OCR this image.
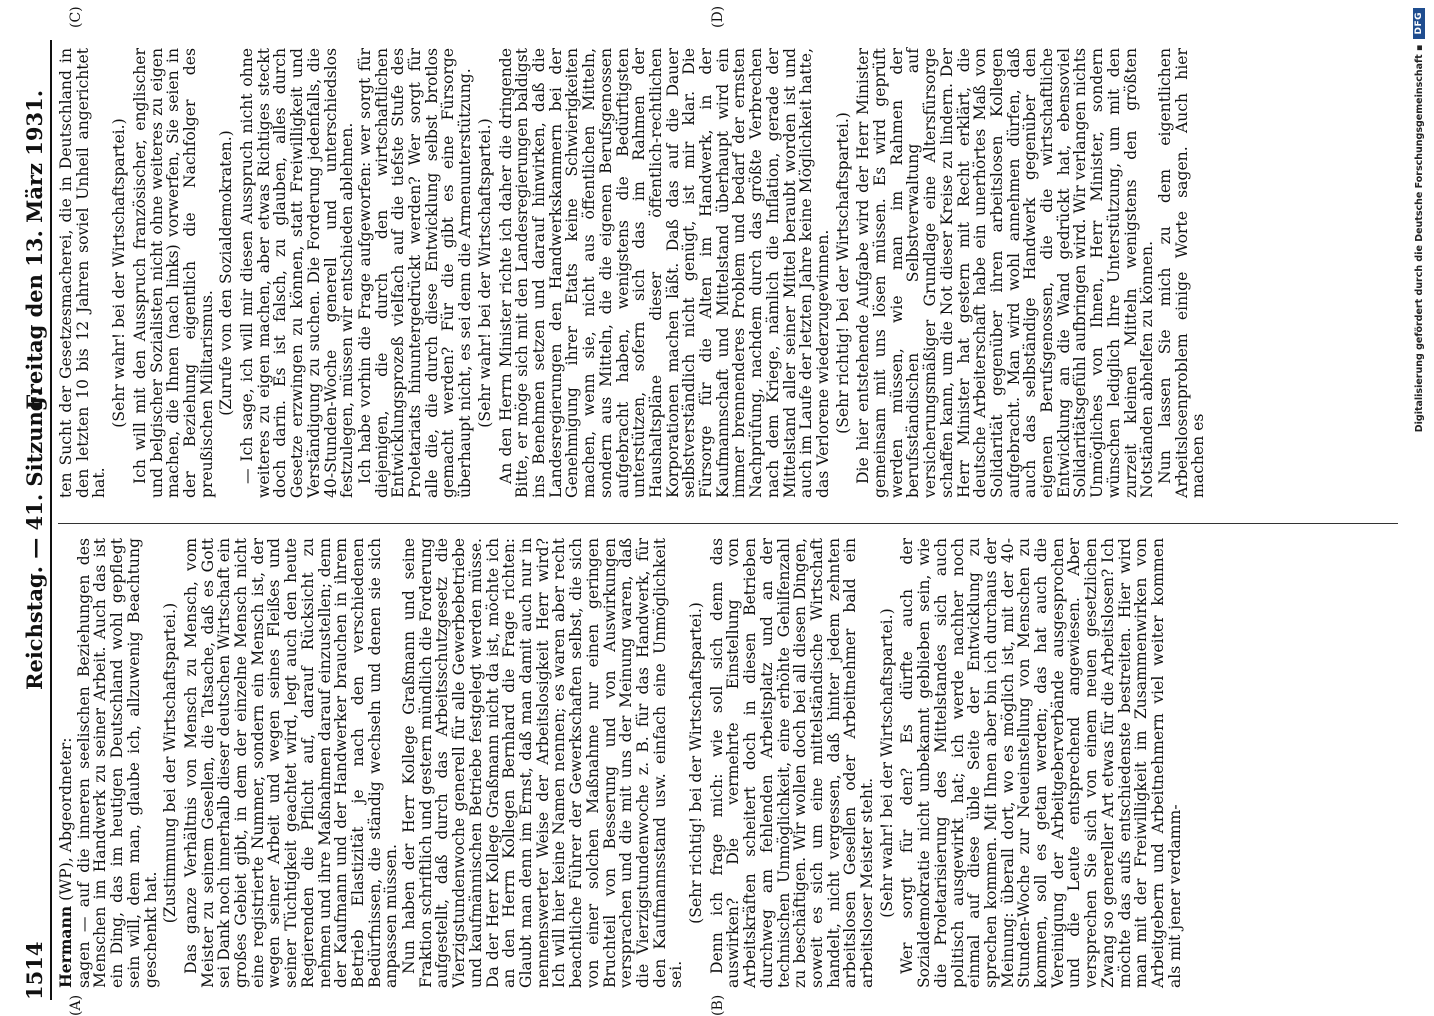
1514
Reichstag. — 41. Sitzung.
Freitag den 13. März 1931.

Hermann (WP), Abgeordneter: sagen — auf die inneren seelischen Beziehungen des Menschen im Handwerk zu seiner Arbeit. Auch das ist ein Ding, das im heutigen Deutschland wohl gepflegt sein will, dem man, glaube ich, allzuwenig Beachtung geschenkt hat.

(Zustimmung bei der Wirtschaftspartei.) Das ganze Verhältnis von Mensch zu Mensch, vom Meister zu seinem Gesellen, die Tatsache, daß es Gott sei Dank noch innerhalb dieser deutschen Wirtschaft ein großes Gebiet gibt, in dem der einzelne Mensch nicht eine registrierte Nummer, sondern ein Mensch ist, der wegen seiner Arbeit und wegen seines Fleißes und seiner Tüchtigkeit geachtet wird, legt auch den heute Regierenden die Pflicht auf, darauf Rücksicht zu nehmen und ihre Maßnahmen darauf einzustellen; denn der Kaufmann und der Handwerker brauchen in ihrem Betrieb Elastizität je nach den verschiedenen Bedürfnissen, die ständig wechseln und denen sie sich anpassen müssen. Nun haben der Herr Kollege Graßmann und seine Fraktion schriftlich und gestern mündlich die Forderung aufgestellt, daß durch das Arbeitsschutzgesetz die Vierzigstundenwoche generell für alle Gewerbebetriebe und kaufmännischen Betriebe festgelegt werden müsse. Da der Herr Kollege Graßmann nicht da ist, möchte ich an den Herrn Kollegen Bernhard die Frage richten: Glaubt man denn im Ernst, daß man damit auch nur in nennenswerter Weise der Arbeitslosigkeit Herr wird? Ich will hier keine Namen nennen; es waren aber recht beachtliche Führer der Gewerkschaften selbst, die sich von einer solchen Maßnahme nur einen geringen Bruchteil von Besserung und von Auswirkungen versprachen und die mit uns der Meinung waren, daß die Vierzigstundenwoche z. B. für das Handwerk, für den Kaufmannsstand usw. einfach eine Unmöglichkeit sei.

(Sehr richtig! bei der Wirtschaftspartei.) Denn ich frage mich: wie soll sich denn das auswirken? Die vermehrte Einstellung von Arbeitskräften scheitert doch in diesen Betrieben durchweg am fehlenden Arbeitsplatz und an der technischen Unmöglichkeit, eine erhöhte Gehilfenzahl zu beschäftigen. Wir wollen doch bei all diesen Dingen, soweit es sich um eine mittelständische Wirtschaft handelt, nicht vergessen, daß hinter jedem zehnten arbeitslosen Gesellen oder Arbeitnehmer bald ein arbeitsloser Meister steht. (Sehr wahr! bei der Wirtschaftspartei.) Wer sorgt für den? Es dürfte auch der Sozialdemokratie nicht unbekannt geblieben sein, wie die Proletarisierung des Mittelstandes sich auch politisch ausgewirkt hat; ich werde nachher noch einmal auf diese üble Seite der Entwicklung zu sprechen kommen. Mit Ihnen aber bin ich durchaus der Meinung: überall dort, wo es möglich ist, mit der 40-Stunden-Woche zur Neueinstellung von Menschen zu kommen, soll es getan werden; das hat auch die Vereinigung der Arbeitgeberverbände ausgesprochen und die Leute entsprechend angewiesen. Aber versprechen Sie sich von einem neuen gesetzlichen Zwang so genereller Art etwas für die Arbeitslosen? Ich möchte das aufs entschiedenste bestreiten. Hier wird man mit der Freiwilligkeit im Zusammenwirken von Arbeitgebern und Arbeitnehmern viel weiter kommen als mit jener verdamm-

ten Sucht der Gesetzesmacherei, die in Deutschland in den letzten 10 bis 12 Jahren soviel Unheil angerichtet hat.

(Sehr wahr! bei der Wirtschaftspartei.) Ich will mit den Ausspruch französischer, englischer und belgischer Sozialisten nicht ohne weiteres zu eigen machen, die Ihnen (nach links) vorwerfen, Sie seien in der Beziehung eigentlich die Nachfolger des preußischen Militarismus. (Zurufe von den Sozialdemokraten.) — Ich sage, ich will mir diesen Ausspruch nicht ohne weiteres zu eigen machen, aber etwas Richtiges steckt doch darin. Es ist falsch, zu glauben, alles durch Gesetze erzwingen zu können, statt Freiwilligkeit und Verständigung zu suchen. Die Forderung jedenfalls, die 40-Stunden-Woche generell und unterschiedslos festzulegen, müssen wir entschieden ablehnen. Ich habe vorhin die Frage aufgeworfen: wer sorgt für diejenigen, die durch den wirtschaftlichen Entwicklungsprozeß vielfach auf die tiefste Stufe des Proletariats hinuntergedrückt werden? Wer sorgt für alle die, die durch diese Entwicklung selbst brotlos gemacht werden? Für die gibt es eine Fürsorge überhaupt nicht, es sei denn die Armenunterstützung. (Sehr wahr! bei der Wirtschaftspartei.) An den Herrn Minister richte ich daher die dringende Bitte, er möge sich mit den Landesregierungen baldigst ins Benehmen setzen und darauf hinwirken, daß die Landesregierungen den Handwerkskammern bei der Genehmigung ihrer Etats keine Schwierigkeiten machen, wenn sie, nicht aus öffentlichen Mitteln, sondern aus Mitteln, die die eigenen Berufsgenossen aufgebracht haben, wenigstens die Bedürftigsten unterstützen, sofern sich das im Rahmen der Haushaltspläne dieser öffentlich-rechtlichen Korporationen machen läßt. Daß das auf die Dauer selbstverständlich nicht genügt, ist mir klar. Die Fürsorge für die Alten im Handwerk, in der Kaufmannschaft und Mittelstand überhaupt wird ein immer brennenderes Problem und bedarf der ernsten Nachprüfung, nachdem durch das größte Verbrechen nach dem Kriege, nämlich die Inflation, gerade der Mittelstand aller seiner Mittel beraubt worden ist und auch im Laufe der letzten Jahre keine Möglichkeit hatte, das Verlorene wiederzugewinnen. (Sehr richtig! bei der Wirtschaftspartei.) Die hier entstehende Aufgabe wird der Herr Minister gemeinsam mit uns lösen müssen. Es wird geprüft werden müssen, wie man im Rahmen der berufsständischen Selbstverwaltung auf versicherungsmäßiger Grundlage eine Altersfürsorge schaffen kann, um die Not dieser Kreise zu lindern. Der Herr Minister hat gestern mit Recht erklärt, die deutsche Arbeiterschaft habe ein unerhörtes Maß von Solidarität gegenüber ihren arbeitslosen Kollegen aufgebracht. Man wird wohl annehmen dürfen, daß auch das selbständige Handwerk gegenüber den eigenen Berufsgenossen, die die wirtschaftliche Entwicklung an die Wand gedrückt hat, ebensoviel Solidaritätsgefühl aufbringen wird. Wir verlangen nichts Unmögliches von Ihnen, Herr Minister, sondern wünschen lediglich Ihre Unterstützung, um mit den zurzeit kleinen Mitteln wenigstens den größten Notständen abhelfen zu können. Nun lassen Sie mich zu dem eigentlichen Arbeitslosenproblem einige Worte sagen. Auch hier machen es

(A)	(B)
(C)	(D)
Digitalisierung gefördert durch die Deutsche Forschungsgemeinschaft ▪
DFG
